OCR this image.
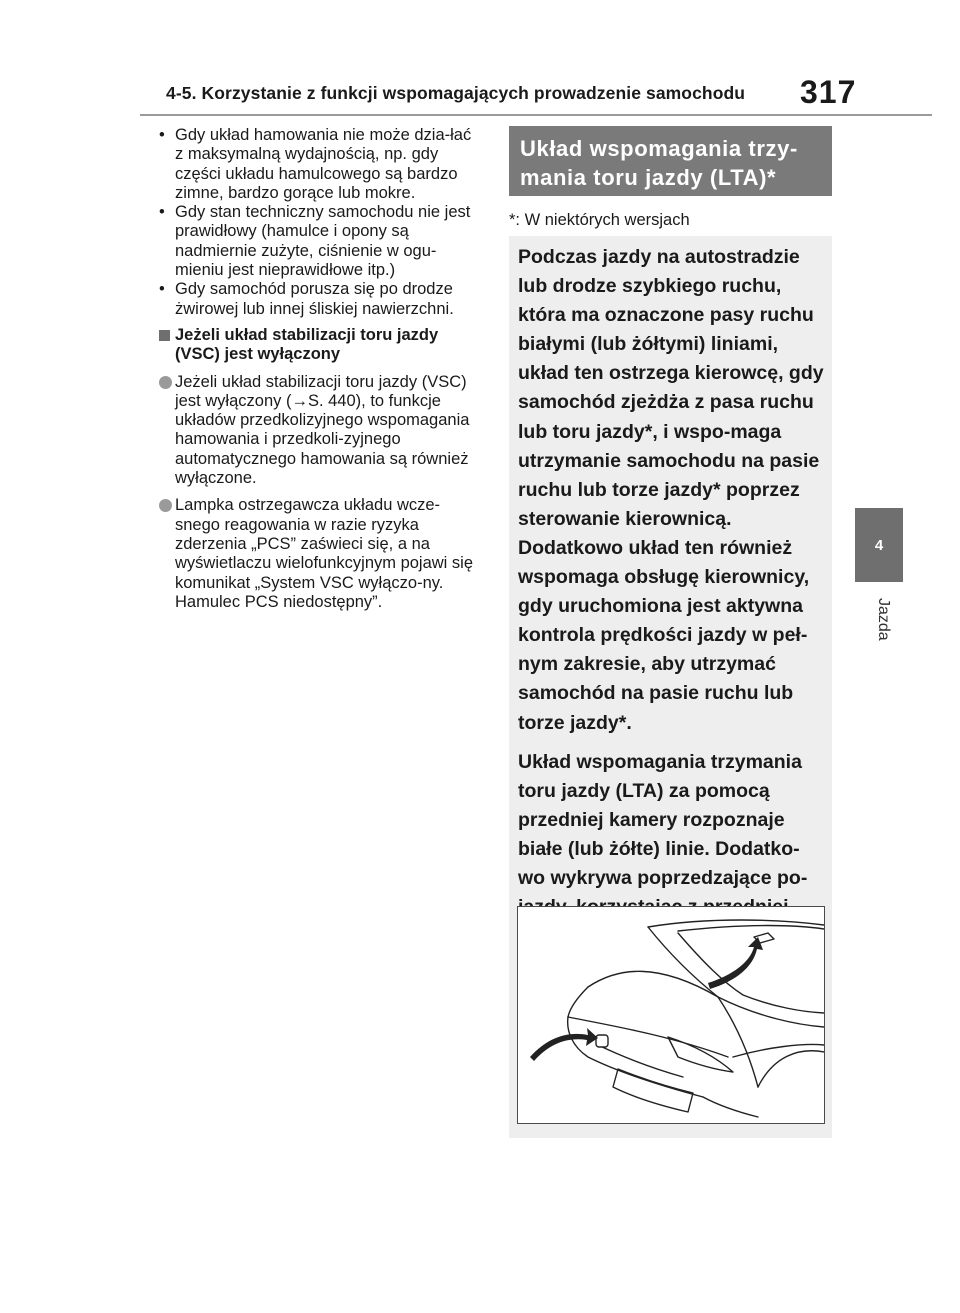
4-5. Korzystanie z funkcji wspomagających prowadzenie samochodu 317
4
Jazda
• Gdy układ hamowania nie może dzia-łać z maksymalną wydajnością, np. gdy części układu hamulcowego są bardzo zimne, bardzo gorące lub mokre.
• Gdy stan techniczny samochodu nie jest prawidłowy (hamulce i opony są nadmiernie zużyte, ciśnienie w ogu-mieniu jest nieprawidłowe itp.)
• Gdy samochód porusza się po drodze żwirowej lub innej śliskiej nawierzchni.
Jeżeli układ stabilizacji toru jazdy (VSC) jest wyłączony
Jeżeli układ stabilizacji toru jazdy (VSC) jest wyłączony (→S. 440), to funkcje układów przedkolizyjnego wspomagania hamowania i przedkoli-zyjnego automatycznego hamowania są również wyłączone.
Lampka ostrzegawcza układu wcze-snego reagowania w razie ryzyka zderzenia „PCS” zaświeci się, a na wyświetlaczu wielofunkcyjnym pojawi się komunikat „System VSC wyłączo-ny. Hamulec PCS niedostępny”.
Układ wspomagania trzy-mania toru jazdy (LTA)*
*: W niektórych wersjach

Podczas jazdy na autostradzie lub drodze szybkiego ruchu, która ma oznaczone pasy ruchu białymi (lub żółtymi) liniami, układ ten ostrzega kierowcę, gdy samochód zjeżdża z pasa ruchu lub toru jazdy*, i wspo-maga utrzymanie samochodu na pasie ruchu lub torze jazdy* poprzez sterowanie kierownicą. Dodatkowo układ ten również wspomaga obsługę kierownicy, gdy uruchomiona jest aktywna kontrola prędkości jazdy w peł-nym zakresie, aby utrzymać samochód na pasie ruchu lub torze jazdy*.

Układ wspomagania trzymania toru jazdy (LTA) za pomocą przedniej kamery rozpoznaje białe (lub żółte) linie. Dodatko-wo wykrywa poprzedzające po-
